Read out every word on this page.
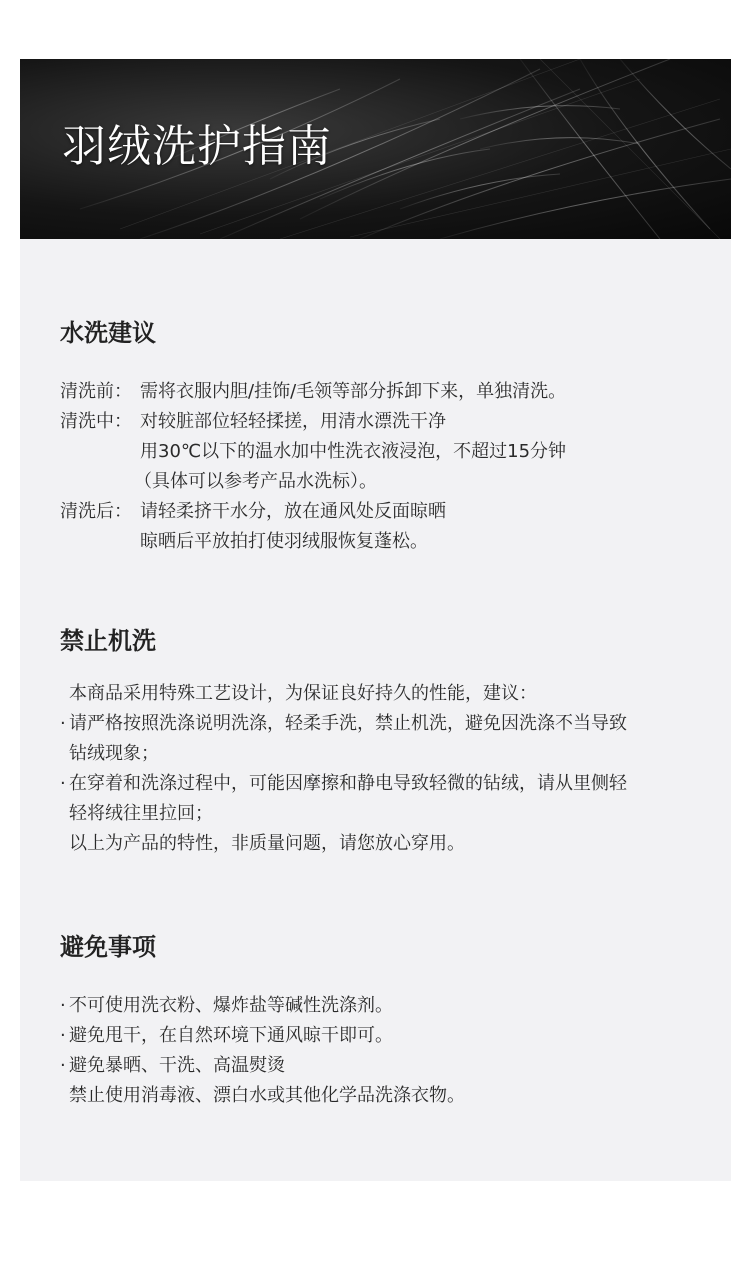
羽绒洗护指南
水洗建议
清洗前： 需将衣服内胆/挂饰/毛领等部分拆卸下来，单独清洗。
清洗中： 对较脏部位轻轻揉搓，用清水漂洗干净
用30℃以下的温水加中性洗衣液浸泡，不超过15分钟
（具体可以参考产品水洗标）。
清洗后： 请轻柔挤干水分，放在通风处反面晾晒
晾晒后平放拍打使羽绒服恢复蓬松。
禁止机洗
本商品采用特殊工艺设计，为保证良好持久的性能，建议：
· 请严格按照洗涤说明洗涤，轻柔手洗，禁止机洗，避免因洗涤不当导致
钻绒现象；
· 在穿着和洗涤过程中，可能因摩擦和静电导致轻微的钻绒，请从里侧轻
轻将绒往里拉回；
以上为产品的特性，非质量问题，请您放心穿用。
避免事项
· 不可使用洗衣粉、爆炸盐等碱性洗涤剂。
· 避免甩干，在自然环境下通风晾干即可。
· 避免暴晒、干洗、高温熨烫
禁止使用消毒液、漂白水或其他化学品洗涤衣物。
